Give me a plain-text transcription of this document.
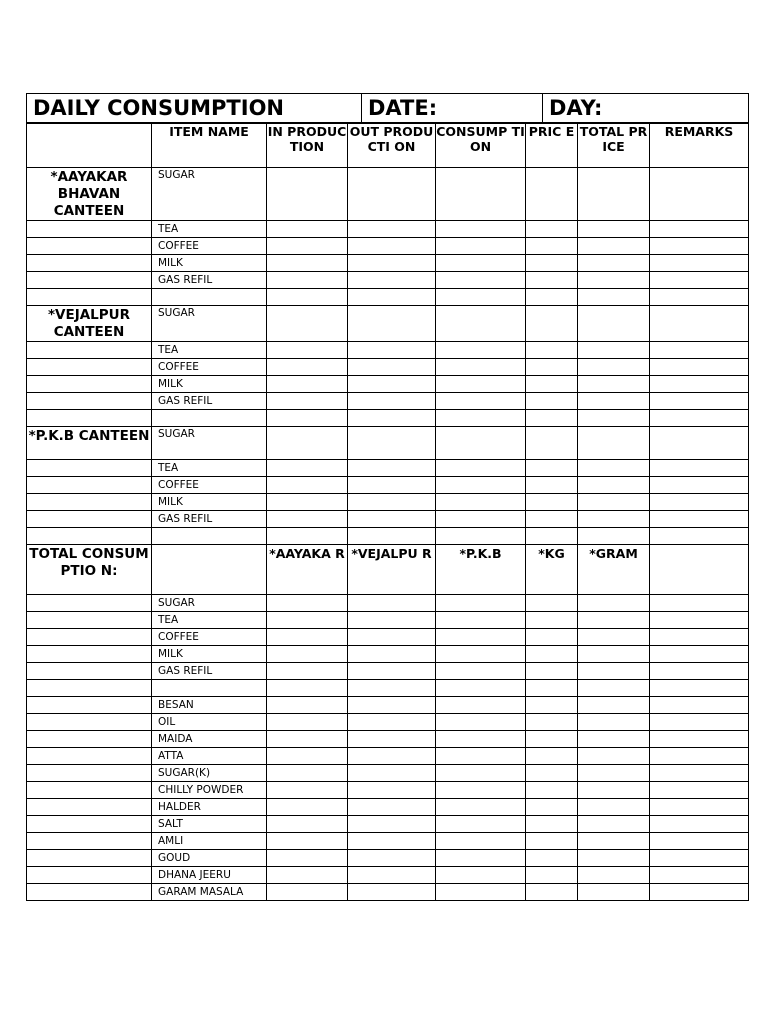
DAILY CONSUMPTION	DATE:	DAY:
	ITEM NAME	IN PRODUC TION	OUT PRODUCTI ON	CONSUMP TION	PRIC E	TOTAL PRICE	REMARKS
*AAYAKAR BHAVAN CANTEEN	SUGAR						
	TEA						
	COFFEE						
	MILK						
	GAS REFIL						

*VEJALPUR CANTEEN	SUGAR						
	TEA						
	COFFEE						
	MILK						
	GAS REFIL						

*P.K.B CANTEEN	SUGAR						
	TEA						
	COFFEE						
	MILK						
	GAS REFIL						

TOTAL CONSUMPTIO N:		*AAYAKA R	*VEJALPU R	*P.K.B	*KG	*GRAM	
	SUGAR						
	TEA						
	COFFEE						
	MILK						
	GAS REFIL						

	BESAN						
	OIL						
	MAIDA						
	ATTA						
	SUGAR(K)						
	CHILLY POWDER						
	HALDER						
	SALT						
	AMLI						
	GOUD						
	DHANA JEERU						
	GARAM MASALA						
